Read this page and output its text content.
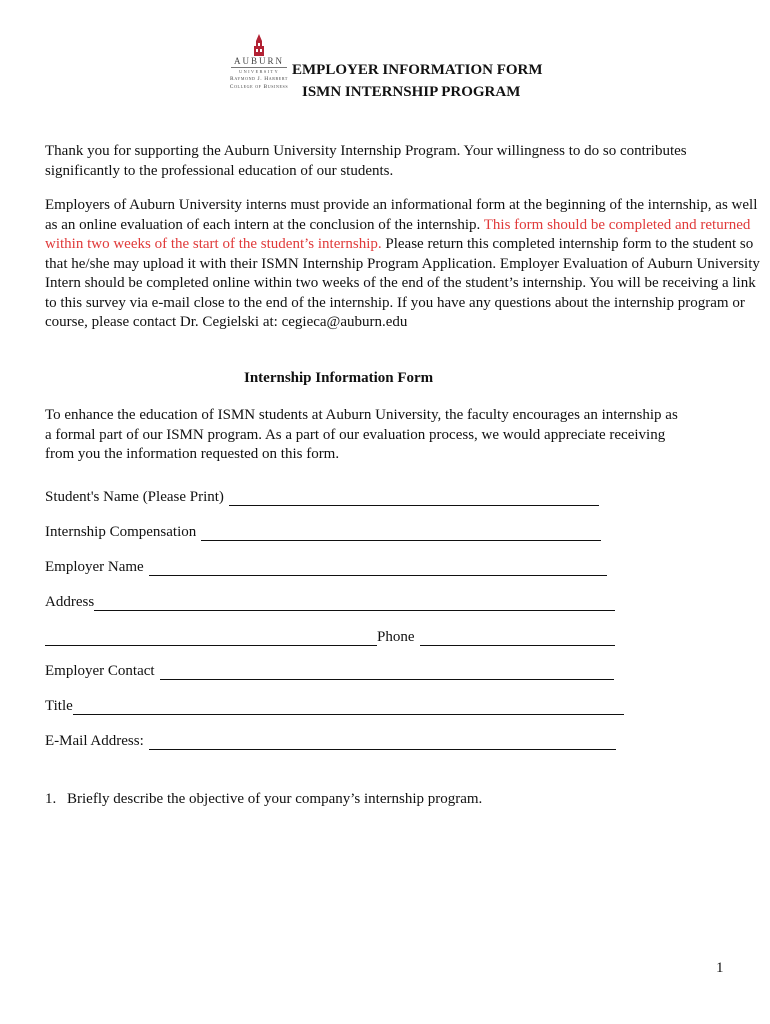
AUBURN
UNIVERSITY
Raymond J. Harbert
College of Business
EMPLOYER INFORMATION FORM
ISMN INTERNSHIP PROGRAM
Thank you for supporting the Auburn University Internship Program. Your willingness to do so contributes significantly to the professional education of our students.
Employers of Auburn University interns must provide an informational form at the beginning of the internship, as well as an online evaluation of each intern at the conclusion of the internship. This form should be completed and returned within two weeks of the start of the student’s internship. Please return this completed internship form to the student so that he/she may upload it with their ISMN Internship Program Application. Employer Evaluation of Auburn University Intern should be completed online within two weeks of the end of the student’s internship. You will be receiving a link to this survey via e-mail close to the end of the internship. If you have any questions about the internship program or course, please contact Dr. Cegielski at: cegieca@auburn.edu
Internship Information Form
To enhance the education of ISMN students at Auburn University, the faculty encourages an internship as a formal part of our ISMN program. As a part of our evaluation process, we would appreciate receiving from you the information requested on this form.
Student's Name (Please Print)
Internship Compensation
Employer Name
Address
Phone
Employer Contact
Title
E-Mail Address:
1. Briefly describe the objective of your company’s internship program.
1
